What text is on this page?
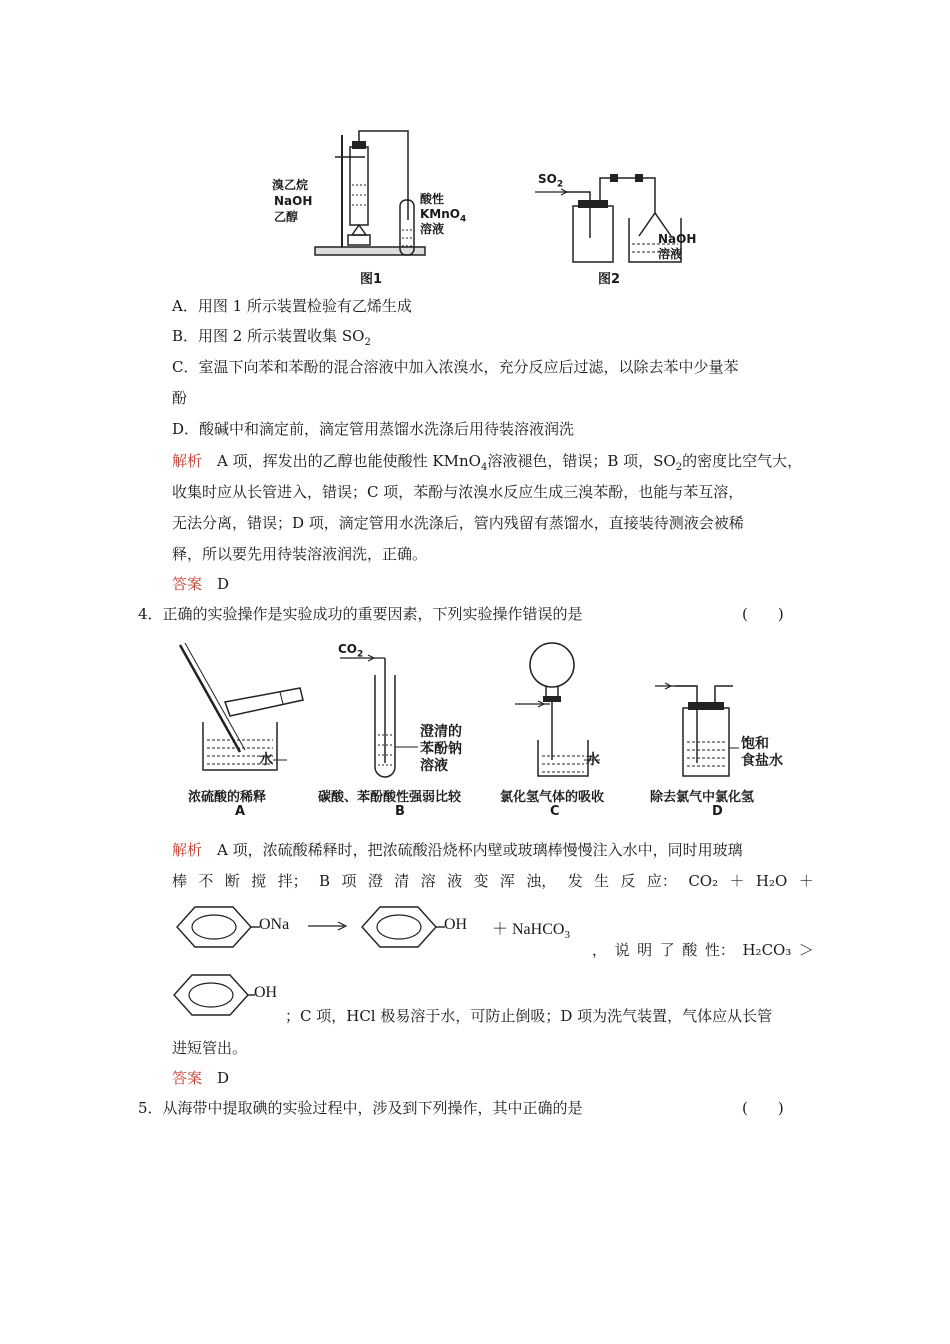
溴乙烷
NaOH
乙醇
酸性
KMnO$_4$
溶液
图1
$SO_2$
NaOH
溶液
图2
A．用图 1 所示装置检验有乙烯生成
B．用图 2 所示装置收集 $SO_2$
C．室温下向苯和苯酚的混合溶液中加入浓溴水，充分反应后过滤，以除去苯中少量苯
酚
D．酸碱中和滴定前，滴定管用蒸馏水洗涤后用待装溶液润洗
解析　 A 项，挥发出的乙醇也能使酸性 KMnO$_4$溶液褪色，错误；B 项，$SO_2$的密度比空气大，
收集时应从长管进入，错误；C 项，苯酚与浓溴水反应生成三溴苯酚，也能与苯互溶，
无法分离，错误；D 项，滴定管用水洗涤后，管内残留有蒸馏水，直接装待测液会被稀
释，所以要先用待装溶液润洗，正确。
答案　 D
4．正确的实验操作是实验成功的重要因素，下列实验操作错误的是	(　　)
水
浓硫酸的稀释
A
$CO_2$
澄清的
苯酚钠
溶液
碳酸、苯酚酸性强弱比较
B
水
氯化氢气体的吸收
C
饱和
食盐水
除去氯气中氯化氢
D
解析　 A 项，浓硫酸稀释时，把浓硫酸沿烧杯内壁或玻璃棒慢慢注入水中，同时用玻璃
棒 不 断 搅 拌； B 项 澄 清 溶 液 变 浑 浊， 发 生 反 应： CO₂ ＋ H₂O ＋
ONa →	OH ＋ NaHCO$_3$
， 说 明 了 酸 性： H₂CO₃ ＞
OH
；C 项，HCl 极易溶于水，可防止倒吸；D 项为洗气装置，气体应从长管
进短管出。
答案　 D
5．从海带中提取碘的实验过程中，涉及到下列操作，其中正确的是	(　　)
